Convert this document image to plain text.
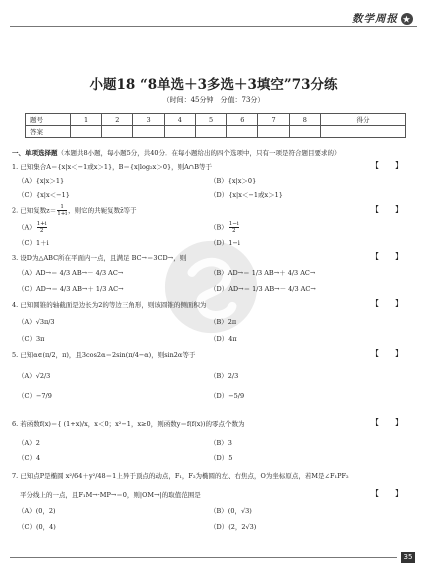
数学周报 ★
小题18 “8单选＋3多选＋3填空”73分练
（时间：45分钟　分值：73分）
题号	1	2	3	4	5	6	7	8	得分
答案									
一、单项选择题（本题共8小题，每小题5分，共40分．在每小题给出的四个选项中，只有一项是符合题目要求的）
1. 已知集合A＝{x|x＜−1或x＞1}，B＝{x|log₂x＞0}，则A∩B等于	【　　】
（A）{x|x＞1}	（B）{x|x＞0}
（C）{x|x＜−1}	（D）{x|x＜−1或x＞1}
2. 已知复数$z= \frac{1}{1+i}$ ，则它的共轭复数z̄等于	【　　】
$(A) \frac{1+i}{2}$	$(B) \frac{1-i}{2}$
（C）1＋i	（D）1−i
3. 设D为△ABC所在平面内一点，且满足 BC→＝3CD→，则	【　　】
（A）AD→＝ 4/3 AB→－ 4/3 AC→	（B）AD→＝ 1/3 AB→＋ 4/3 AC→
（C）AD→＝ 4/3 AB→＋ 1/3 AC→	（D）AD→＝ 1/3 AB→－ 4/3 AC→
4. 已知圆锥的轴截面是边长为2的等边三角形，则该圆锥的侧面积为	【　　】
（A）√3π/3	（B）2π
（C）3π	（D）4π
5. 已知α∈(π/2，π)，且3cos2α＝2sin(π/4−α)，则sin2α等于	【　　】
（A）√2/3	（B）2/3
（C）−7/9	（D）−5/9
6. 若函数f(x)＝{ (1+x)/x，x＜0；x²−1，x≥0，则函数y＝f(f(x))的零点个数为	【　　】
（A）2	（B）3
（C）4	（D）5
7. 已知点P是椭圆 x²/64＋y²/48＝1上异于顶点的动点，F₁，F₂为椭圆的左、右焦点，O为坐标原点，若M是∠F₁PF₂
平分线上的一点，且F₁M→·MP→＝0，则|OM→|的取值范围是	【　　】
（A）(0，2)	（B）(0，√3)
（C）(0，4)	（D）(2，2√3)
35
